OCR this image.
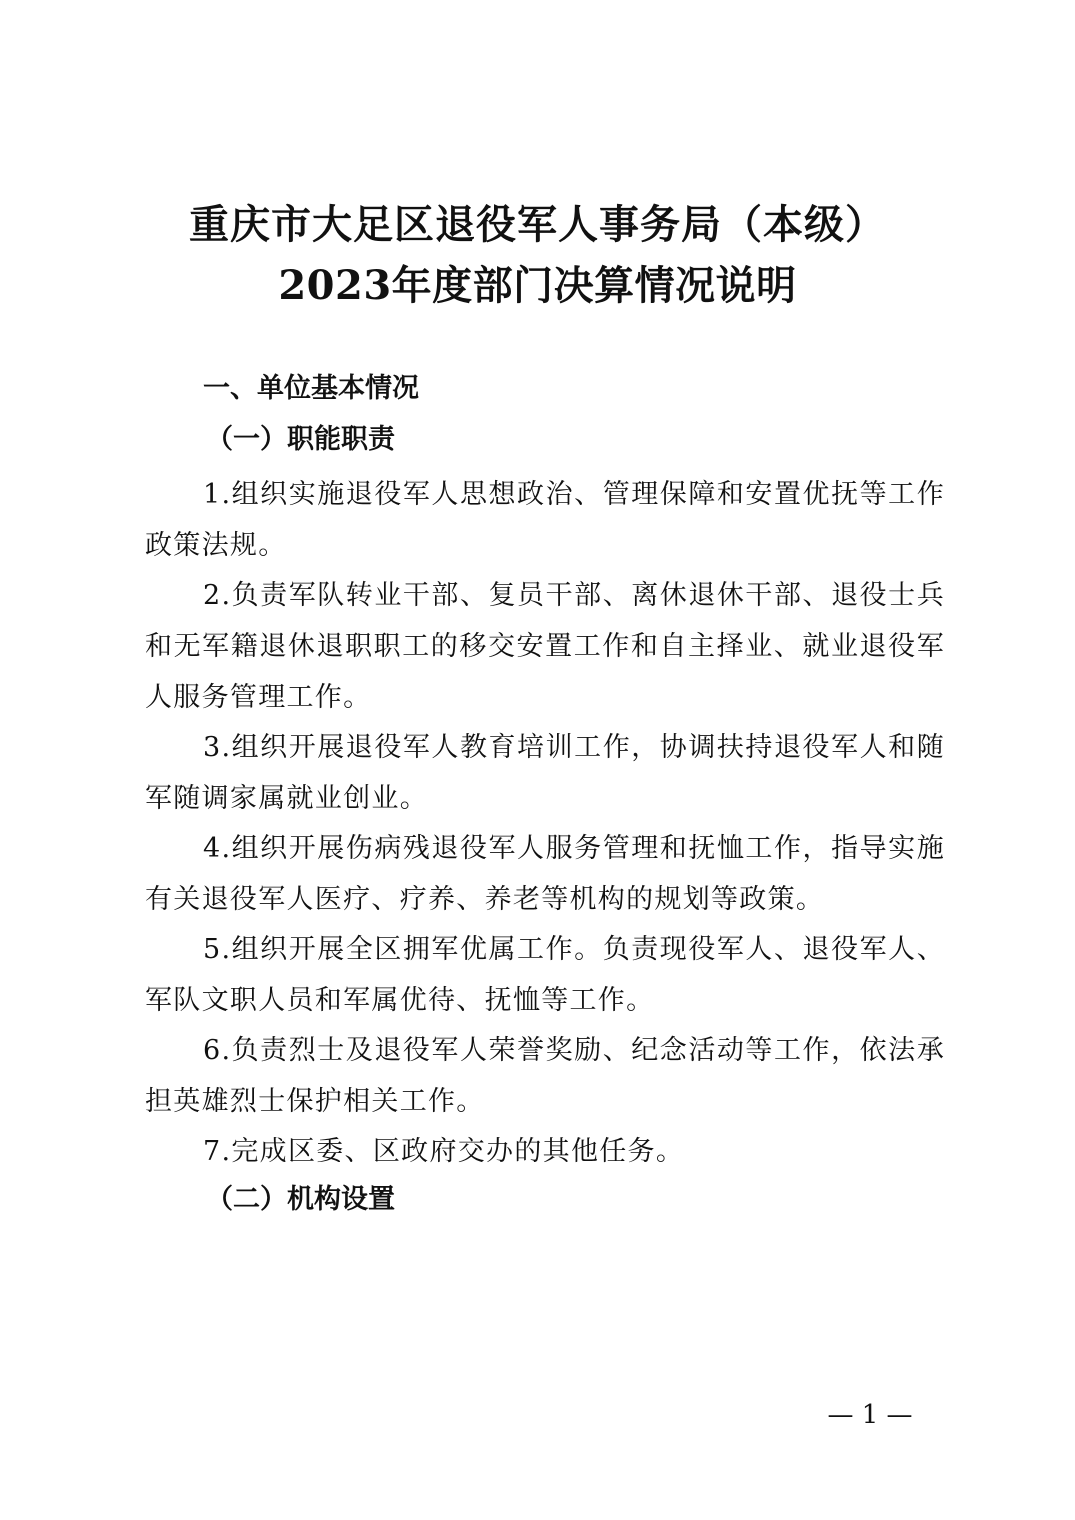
重庆市大足区退役军人事务局（本级）
2023年度部门决算情况说明
一、单位基本情况
（一）职能职责

1.组织实施退役军人思想政治、管理保障和安置优抚等工作政策法规。

2.负责军队转业干部、复员干部、离休退休干部、退役士兵和无军籍退休退职职工的移交安置工作和自主择业、就业退役军人服务管理工作。

3.组织开展退役军人教育培训工作，协调扶持退役军人和随军随调家属就业创业。

4.组织开展伤病残退役军人服务管理和抚恤工作，指导实施有关退役军人医疗、疗养、养老等机构的规划等政策。

5.组织开展全区拥军优属工作。负责现役军人、退役军人、军队文职人员和军属优待、抚恤等工作。

6.负责烈士及退役军人荣誉奖励、纪念活动等工作，依法承担英雄烈士保护相关工作。

7.完成区委、区政府交办的其他任务。

（二）机构设置
— 1 —
